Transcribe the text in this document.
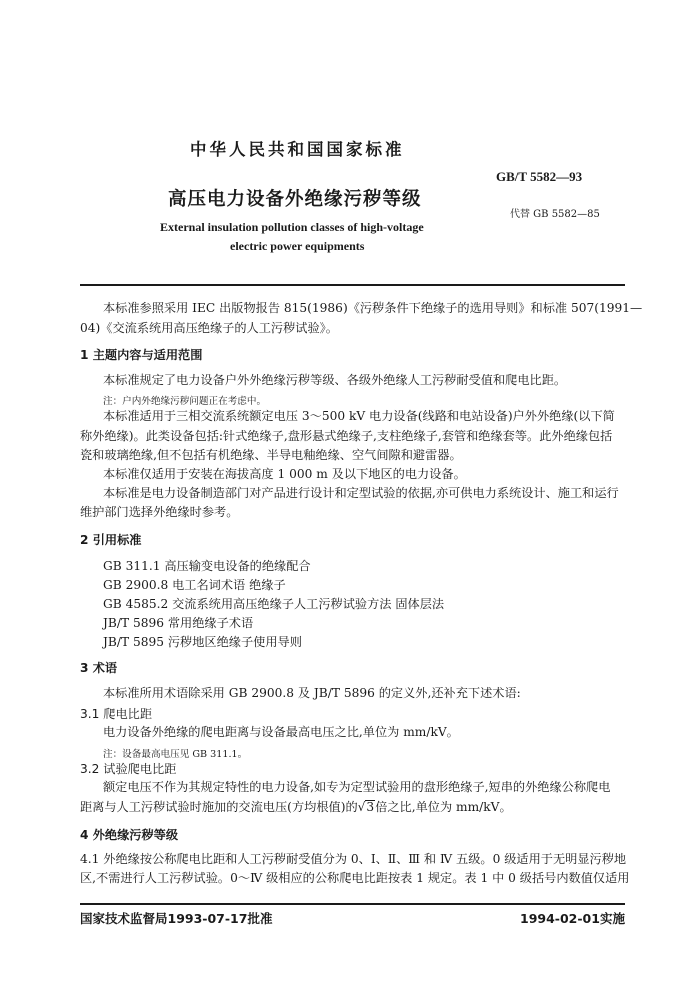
中华人民共和国国家标准
GB/T 5582—93
高压电力设备外绝缘污秽等级
代替 GB 5582—85
External insulation pollution classes of high-voltage
electric power equipments
本标准参照采用 IEC 出版物报告 815(1986)《污秽条件下绝缘子的选用导则》和标准 507(1991—
04)《交流系统用高压绝缘子的人工污秽试验》。
1 主题内容与适用范围
本标准规定了电力设备户外外绝缘污秽等级、各级外绝缘人工污秽耐受值和爬电比距。
注：户内外绝缘污秽问题正在考虑中。
本标准适用于三相交流系统额定电压 3～500 kV 电力设备(线路和电站设备)户外外绝缘(以下简
称外绝缘)。此类设备包括:针式绝缘子,盘形悬式绝缘子,支柱绝缘子,套管和绝缘套等。此外绝缘包括
瓷和玻璃绝缘,但不包括有机绝缘、半导电釉绝缘、空气间隙和避雷器。
本标准仅适用于安装在海拔高度 1 000 m 及以下地区的电力设备。
本标准是电力设备制造部门对产品进行设计和定型试验的依据,亦可供电力系统设计、施工和运行
维护部门选择外绝缘时参考。
2 引用标准
GB 311.1 高压输变电设备的绝缘配合
GB 2900.8 电工名词术语 绝缘子
GB 4585.2 交流系统用高压绝缘子人工污秽试验方法 固体层法
JB/T 5896 常用绝缘子术语
JB/T 5895 污秽地区绝缘子使用导则
3 术语
本标准所用术语除采用 GB 2900.8 及 JB/T 5896 的定义外,还补充下述术语:
3.1 爬电比距
电力设备外绝缘的爬电距离与设备最高电压之比,单位为 mm/kV。
注：设备最高电压见 GB 311.1。
3.2 试验爬电比距
额定电压不作为其规定特性的电力设备,如专为定型试验用的盘形绝缘子,短串的外绝缘公称爬电
距离与人工污秽试验时施加的交流电压(方均根值)的√3倍之比,单位为 mm/kV。
4 外绝缘污秽等级
4.1 外绝缘按公称爬电比距和人工污秽耐受值分为 0、Ⅰ、Ⅱ、Ⅲ 和 Ⅳ 五级。0 级适用于无明显污秽地
区,不需进行人工污秽试验。0～Ⅳ 级相应的公称爬电比距按表 1 规定。表 1 中 0 级括号内数值仅适用
国家技术监督局1993-07-17批准	1994-02-01实施
